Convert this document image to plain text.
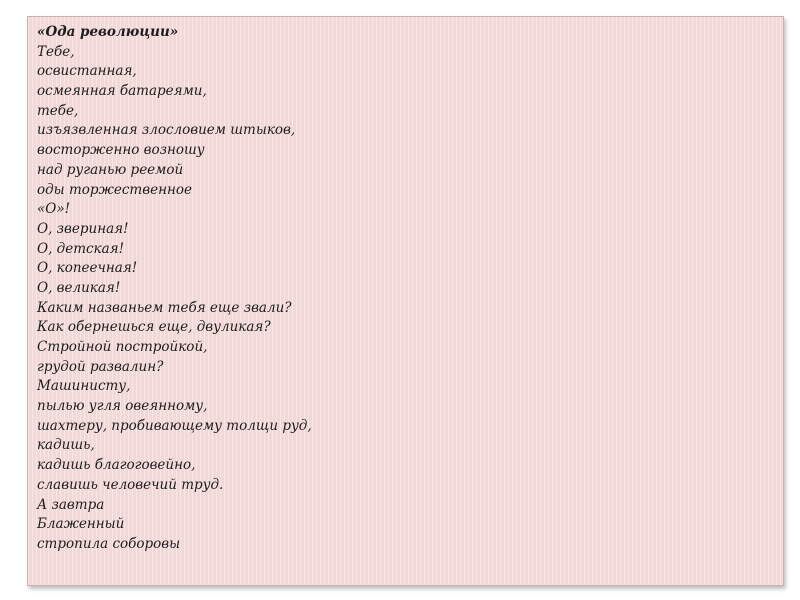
«Ода революции»
Тебе,
освистанная,
осмеянная батареями,
тебе,
изъязвленная злословием штыков,
восторженно возношу
над руганью реемой
оды торжественное
«О»!
О, звериная!
О, детская!
О, копеечная!
О, великая!
Каким названьем тебя еще звали?
Как обернешься еще, двуликая?
Стройной постройкой,
грудой развалин?
Машинисту,
пылью угля овеянному,
шахтеру, пробивающему толщи руд,
кадишь,
кадишь благоговейно,
славишь человечий труд.
А завтра
Блаженный
стропила соборовы
